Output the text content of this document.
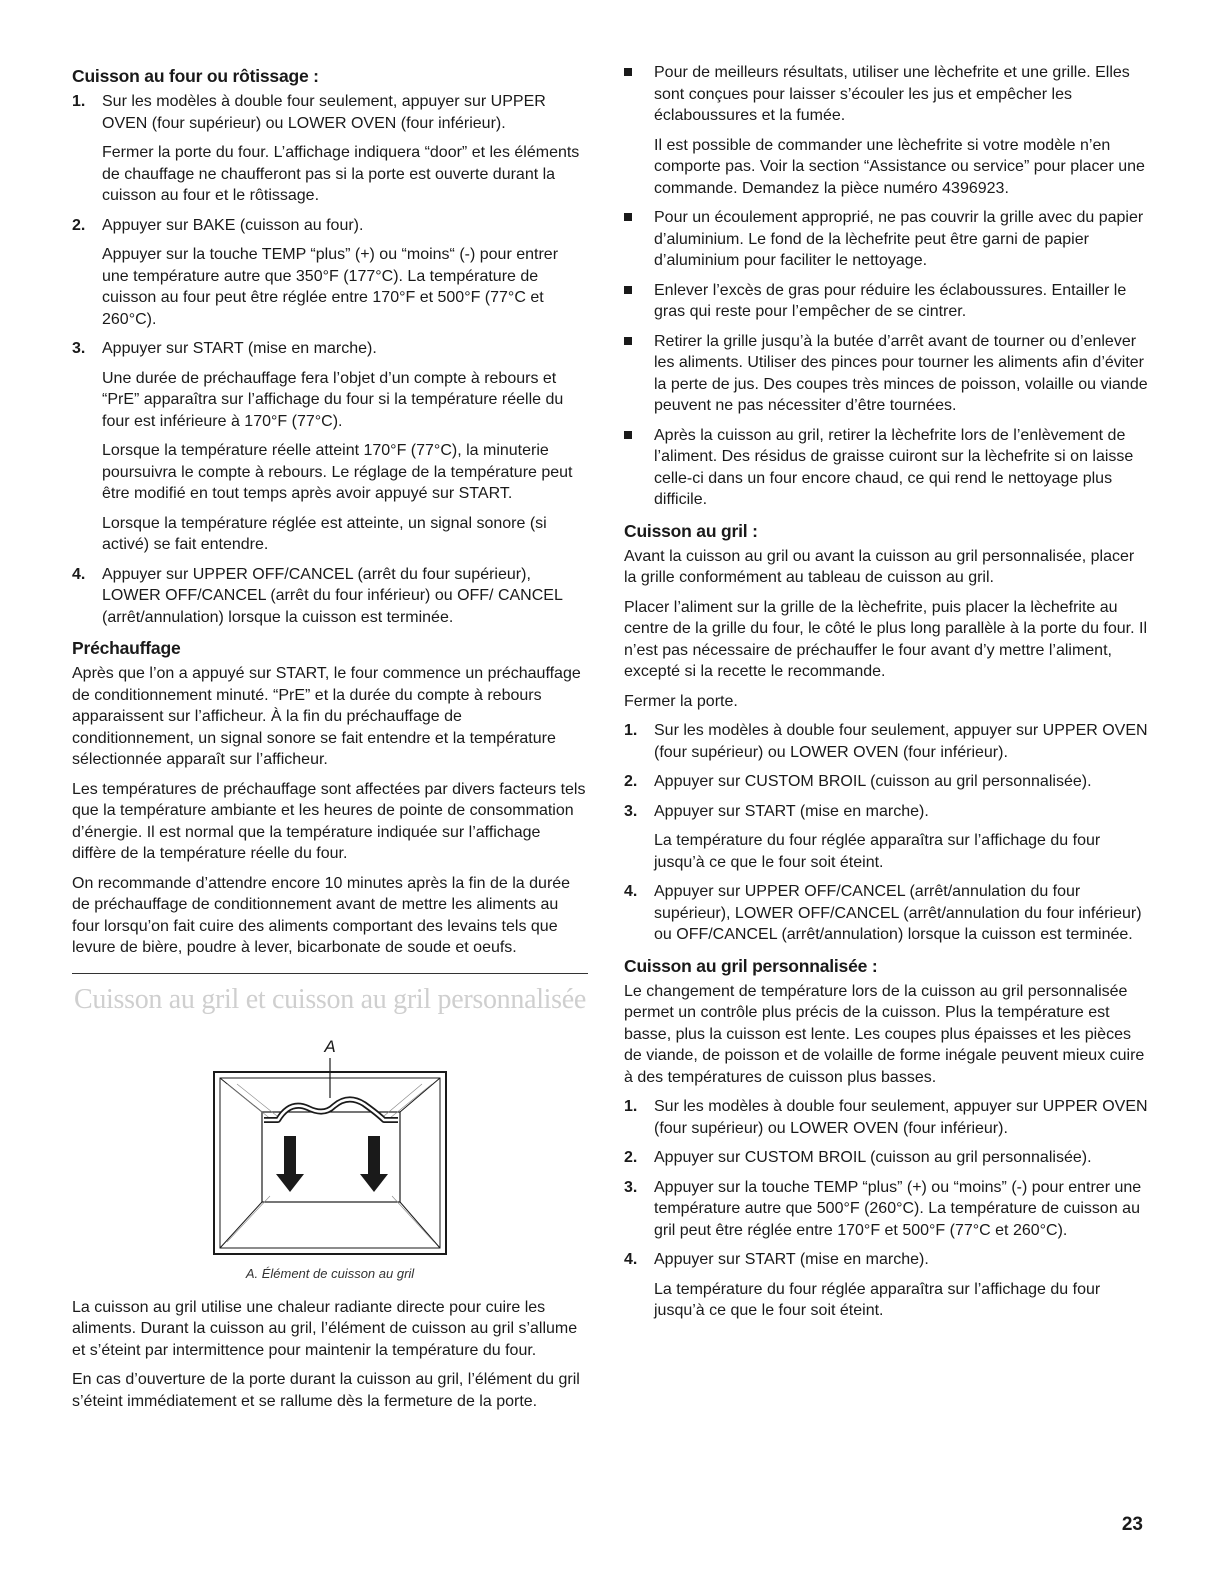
Cuisson au four ou rôtissage :
1. Sur les modèles à double four seulement, appuyer sur UPPER OVEN (four supérieur) ou LOWER OVEN (four inférieur).

Fermer la porte du four. L’affichage indiquera “door” et les éléments de chauffage ne chaufferont pas si la porte est ouverte durant la cuisson au four et le rôtissage.

2. Appuyer sur BAKE (cuisson au four).

Appuyer sur la touche TEMP “plus” (+) ou “moins“ (-) pour entrer une température autre que 350°F (177°C). La température de cuisson au four peut être réglée entre 170°F et 500°F (77°C et 260°C).

3. Appuyer sur START (mise en marche).

Une durée de préchauffage fera l’objet d’un compte à rebours et “PrE” apparaîtra sur l’affichage du four si la température réelle du four est inférieure à 170°F (77°C).

Lorsque la température réelle atteint 170°F (77°C), la minuterie poursuivra le compte à rebours. Le réglage de la température peut être modifié en tout temps après avoir appuyé sur START.

Lorsque la température réglée est atteinte, un signal sonore (si activé) se fait entendre.

4. Appuyer sur UPPER OFF/CANCEL (arrêt du four supérieur), LOWER OFF/CANCEL (arrêt du four inférieur) ou OFF/ CANCEL (arrêt/annulation) lorsque la cuisson est terminée.

Préchauffage

Après que l’on a appuyé sur START, le four commence un préchauffage de conditionnement minuté. “PrE” et la durée du compte à rebours apparaissent sur l’afficheur. À la fin du préchauffage de conditionnement, un signal sonore se fait entendre et la température sélectionnée apparaît sur l’afficheur.

Les températures de préchauffage sont affectées par divers facteurs tels que la température ambiante et les heures de pointe de consommation d’énergie. Il est normal que la température indiquée sur l’affichage diffère de la température réelle du four.

On recommande d’attendre encore 10 minutes après la fin de la durée de préchauffage de conditionnement avant de mettre les aliments au four lorsqu’on fait cuire des aliments comportant des levains tels que levure de bière, poudre à lever, bicarbonate de soude et oeufs.

Cuisson au gril et cuisson au gril personnalisée
A
A. Élément de cuisson au gril

La cuisson au gril utilise une chaleur radiante directe pour cuire les aliments. Durant la cuisson au gril, l’élément de cuisson au gril s’allume et s’éteint par intermittence pour maintenir la température du four.

En cas d’ouverture de la porte durant la cuisson au gril, l’élément du gril s’éteint immédiatement et se rallume dès la fermeture de la porte.

Pour de meilleurs résultats, utiliser une lèchefrite et une grille. Elles sont conçues pour laisser s’écouler les jus et empêcher les éclaboussures et la fumée.

Il est possible de commander une lèchefrite si votre modèle n’en comporte pas. Voir la section “Assistance ou service” pour placer une commande. Demandez la pièce numéro 4396923.

Pour un écoulement approprié, ne pas couvrir la grille avec du papier d’aluminium. Le fond de la lèchefrite peut être garni de papier d’aluminium pour faciliter le nettoyage.

Enlever l’excès de gras pour réduire les éclaboussures. Entailler le gras qui reste pour l’empêcher de se cintrer.

Retirer la grille jusqu’à la butée d’arrêt avant de tourner ou d’enlever les aliments. Utiliser des pinces pour tourner les aliments afin d’éviter la perte de jus. Des coupes très minces de poisson, volaille ou viande peuvent ne pas nécessiter d’être tournées.

Après la cuisson au gril, retirer la lèchefrite lors de l’enlèvement de l’aliment. Des résidus de graisse cuiront sur la lèchefrite si on laisse celle-ci dans un four encore chaud, ce qui rend le nettoyage plus difficile.

Cuisson au gril :

Avant la cuisson au gril ou avant la cuisson au gril personnalisée, placer la grille conformément au tableau de cuisson au gril.

Placer l’aliment sur la grille de la lèchefrite, puis placer la lèchefrite au centre de la grille du four, le côté le plus long parallèle à la porte du four. Il n’est pas nécessaire de préchauffer le four avant d’y mettre l’aliment, excepté si la recette le recommande.

Fermer la porte.

1. Sur les modèles à double four seulement, appuyer sur UPPER OVEN (four supérieur) ou LOWER OVEN (four inférieur).

2. Appuyer sur CUSTOM BROIL (cuisson au gril personnalisée).

3. Appuyer sur START (mise en marche).

La température du four réglée apparaîtra sur l’affichage du four jusqu’à ce que le four soit éteint.

4. Appuyer sur UPPER OFF/CANCEL (arrêt/annulation du four supérieur), LOWER OFF/CANCEL (arrêt/annulation du four inférieur) ou OFF/CANCEL (arrêt/annulation) lorsque la cuisson est terminée.

Cuisson au gril personnalisée :

Le changement de température lors de la cuisson au gril personnalisée permet un contrôle plus précis de la cuisson. Plus la température est basse, plus la cuisson est lente. Les coupes plus épaisses et les pièces de viande, de poisson et de volaille de forme inégale peuvent mieux cuire à des températures de cuisson plus basses.

1. Sur les modèles à double four seulement, appuyer sur UPPER OVEN (four supérieur) ou LOWER OVEN (four inférieur).

2. Appuyer sur CUSTOM BROIL (cuisson au gril personnalisée).

3. Appuyer sur la touche TEMP “plus” (+) ou “moins” (-) pour entrer une température autre que 500°F (260°C). La température de cuisson au gril peut être réglée entre 170°F et 500°F (77°C et 260°C).

4. Appuyer sur START (mise en marche).

La température du four réglée apparaîtra sur l’affichage du four jusqu’à ce que le four soit éteint.

23
